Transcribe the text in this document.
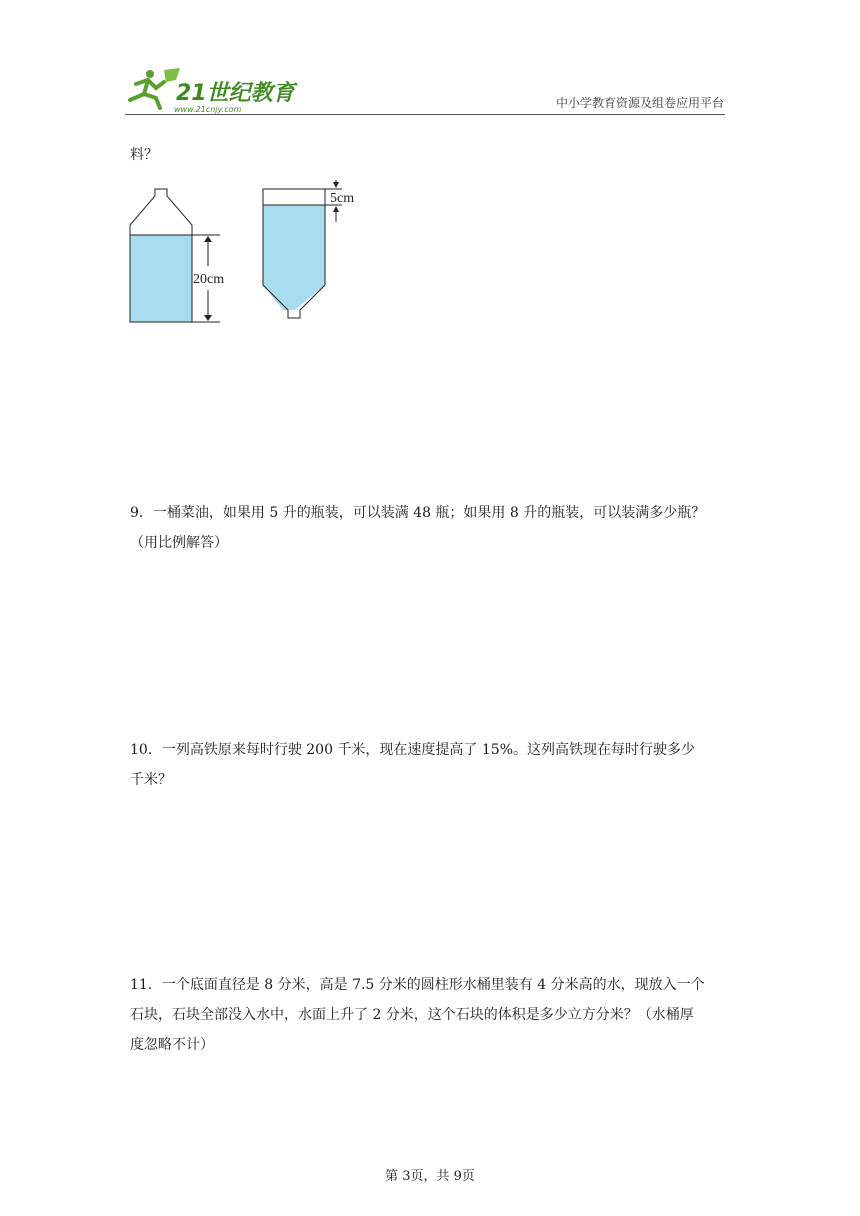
21世纪教育
www.21cnjy.com	中小学教育资源及组卷应用平台
料？
20cm
5cm
9．一桶菜油，如果用 5 升的瓶装，可以装满 48 瓶；如果用 8 升的瓶装，可以装满多少瓶？
（用比例解答）
10．一列高铁原来每时行驶 200 千米，现在速度提高了 15%。这列高铁现在每时行驶多少
千米？
11．一个底面直径是 8 分米，高是 7.5 分米的圆柱形水桶里装有 4 分米高的水，现放入一个
石块，石块全部没入水中，水面上升了 2 分米，这个石块的体积是多少立方分米？（水桶厚
度忽略不计）
第 3页，共 9页
